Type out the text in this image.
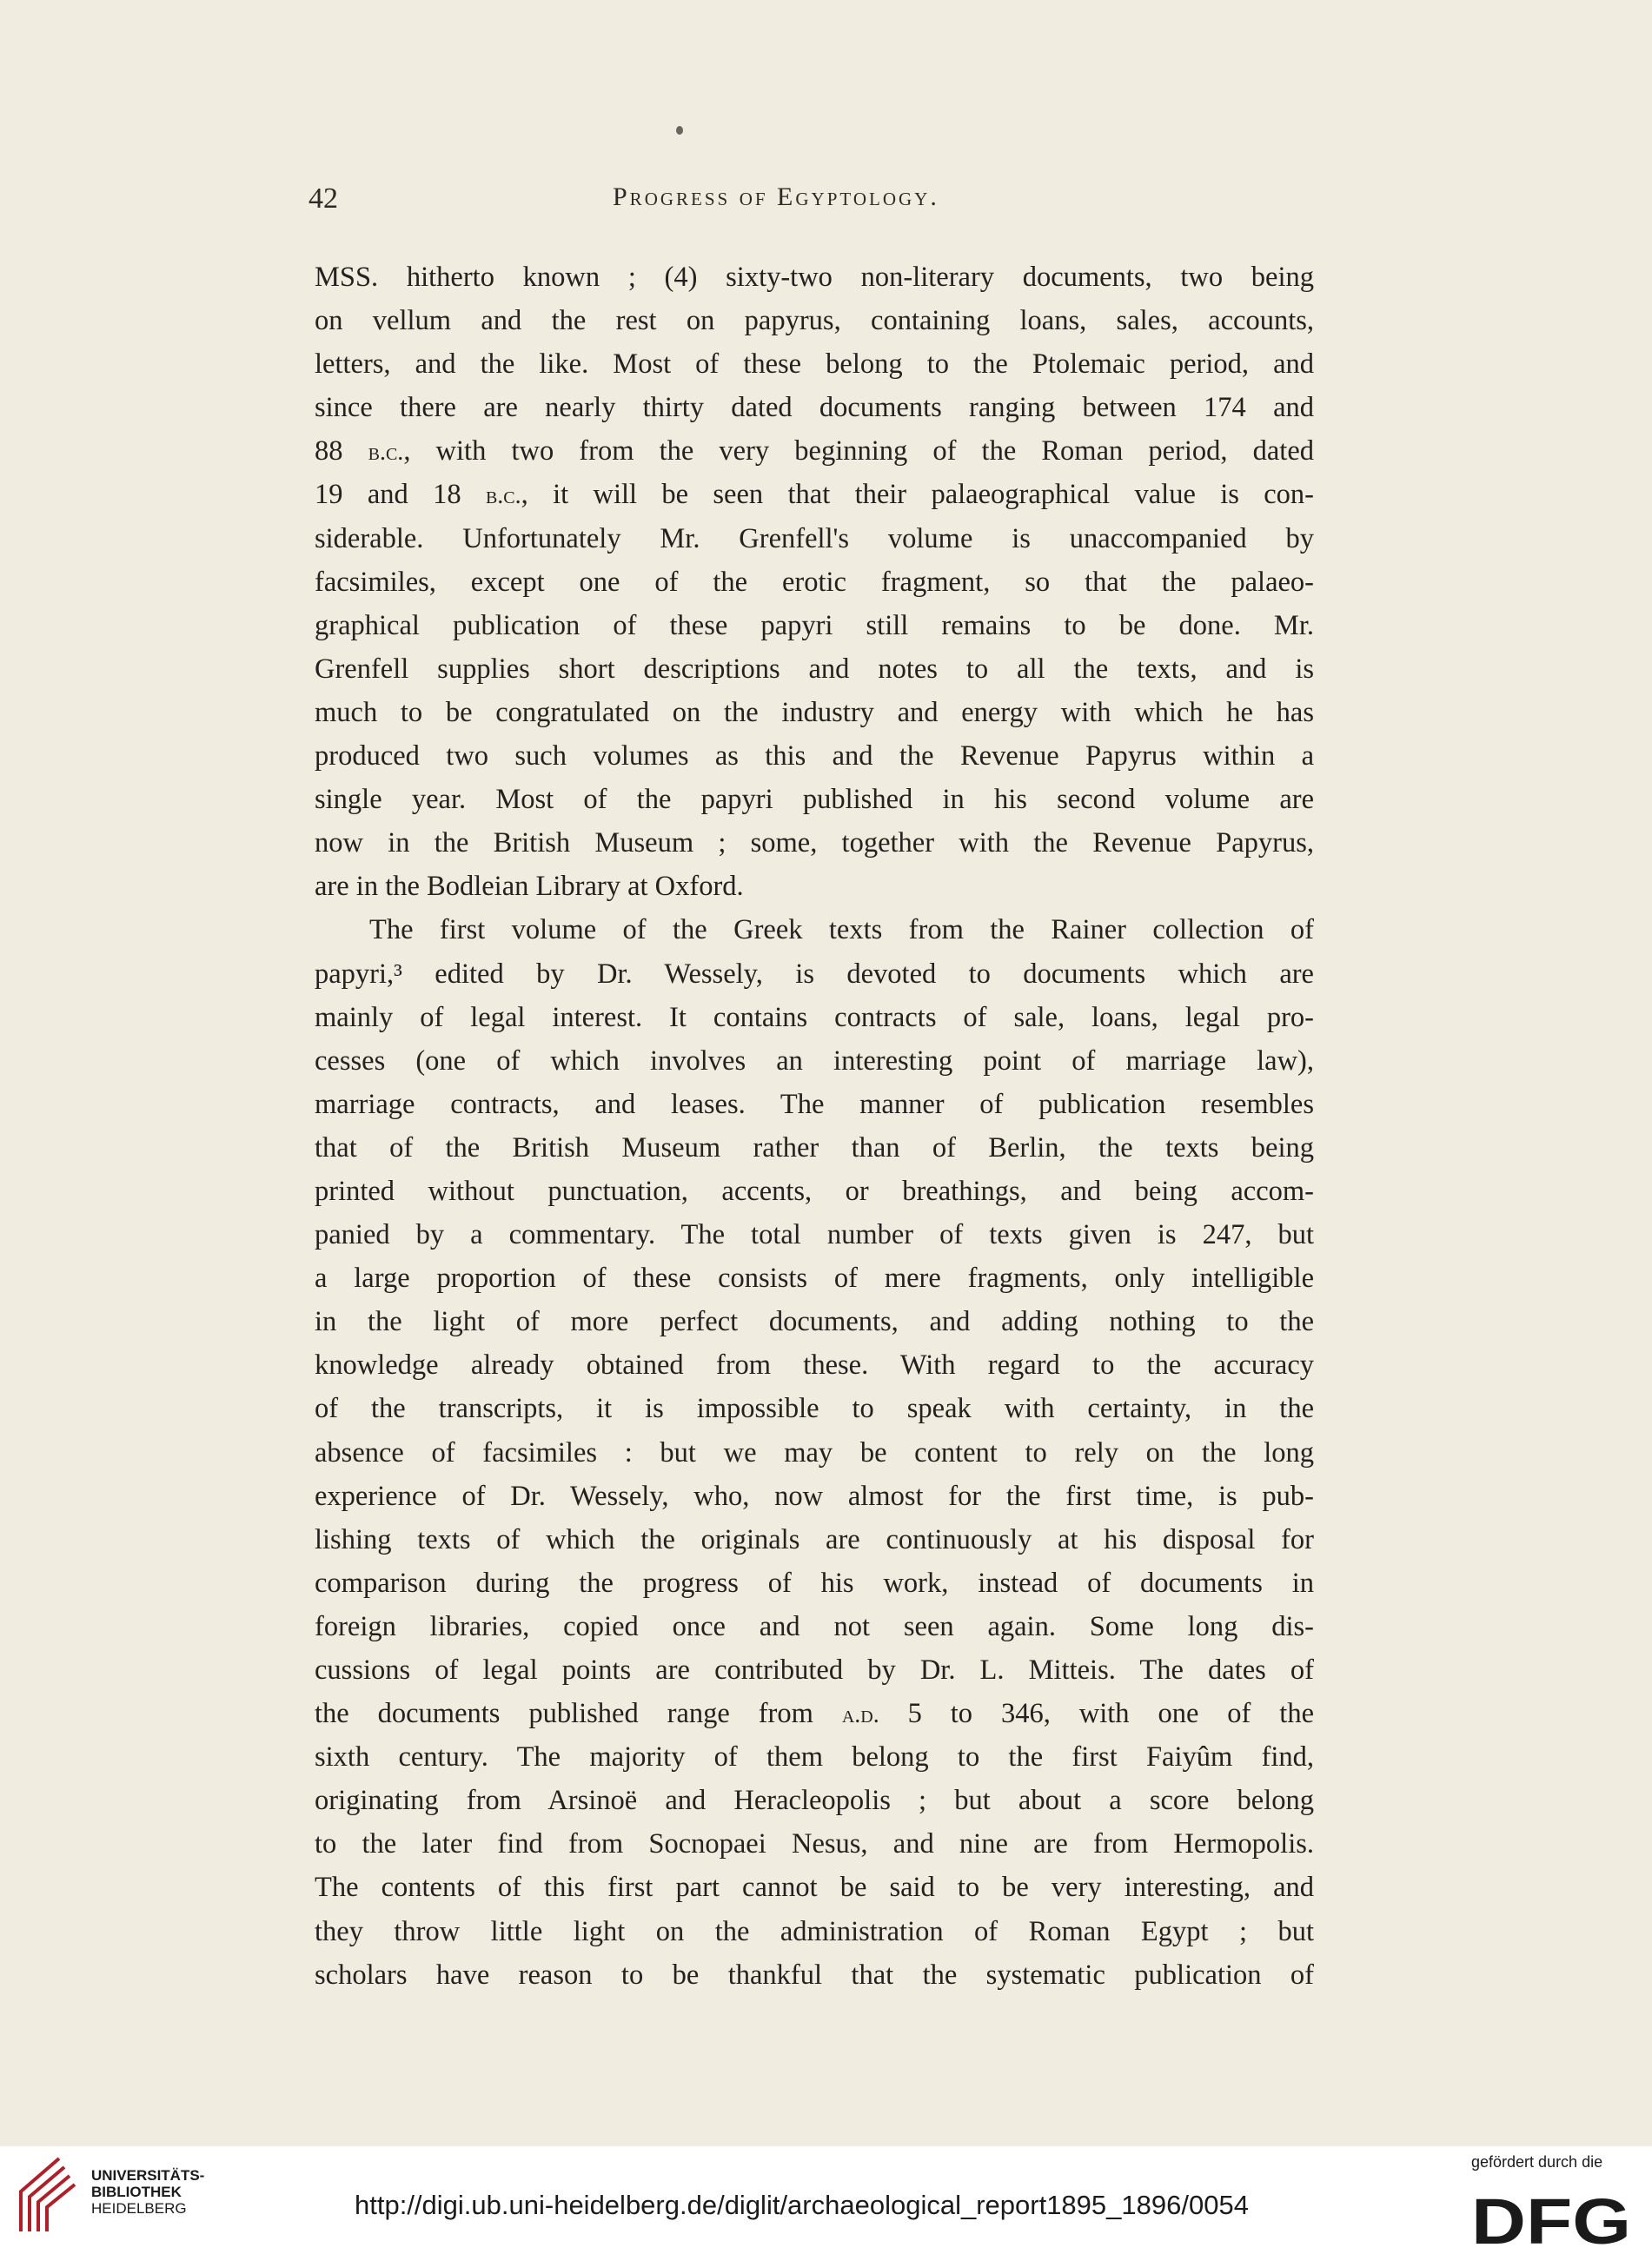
42	Progress of Egyptology.
MSS. hitherto known ; (4) sixty-two non-literary documents, two being
on vellum and the rest on papyrus, containing loans, sales, accounts,
letters, and the like. Most of these belong to the Ptolemaic period, and
since there are nearly thirty dated documents ranging between 174 and
88 b.c., with two from the very beginning of the Roman period, dated
19 and 18 b.c., it will be seen that their palaeographical value is con-
siderable. Unfortunately Mr. Grenfell's volume is unaccompanied by
facsimiles, except one of the erotic fragment, so that the palaeo-
graphical publication of these papyri still remains to be done. Mr.
Grenfell supplies short descriptions and notes to all the texts, and is
much to be congratulated on the industry and energy with which he has
produced two such volumes as this and the Revenue Papyrus within a
single year. Most of the papyri published in his second volume are
now in the British Museum ; some, together with the Revenue Papyrus,
are in the Bodleian Library at Oxford.
The first volume of the Greek texts from the Rainer collection of
papyri,³ edited by Dr. Wessely, is devoted to documents which are
mainly of legal interest. It contains contracts of sale, loans, legal pro-
cesses (one of which involves an interesting point of marriage law),
marriage contracts, and leases. The manner of publication resembles
that of the British Museum rather than of Berlin, the texts being
printed without punctuation, accents, or breathings, and being accom-
panied by a commentary. The total number of texts given is 247, but
a large proportion of these consists of mere fragments, only intelligible
in the light of more perfect documents, and adding nothing to the
knowledge already obtained from these. With regard to the accuracy
of the transcripts, it is impossible to speak with certainty, in the
absence of facsimiles : but we may be content to rely on the long
experience of Dr. Wessely, who, now almost for the first time, is pub-
lishing texts of which the originals are continuously at his disposal for
comparison during the progress of his work, instead of documents in
foreign libraries, copied once and not seen again. Some long dis-
cussions of legal points are contributed by Dr. L. Mitteis. The dates of
the documents published range from a.d. 5 to 346, with one of the
sixth century. The majority of them belong to the first Faiyûm find,
originating from Arsinoë and Heracleopolis ; but about a score belong
to the later find from Socnopaei Nesus, and nine are from Hermopolis.
The contents of this first part cannot be said to be very interesting, and
they throw little light on the administration of Roman Egypt ; but
scholars have reason to be thankful that the systematic publication of
UNIVERSITÄTS-
BIBLIOTHEK
HEIDELBERG	http://digi.ub.uni-heidelberg.de/diglit/archaeological_report1895_1896/0054
gefördert durch die
DFG
